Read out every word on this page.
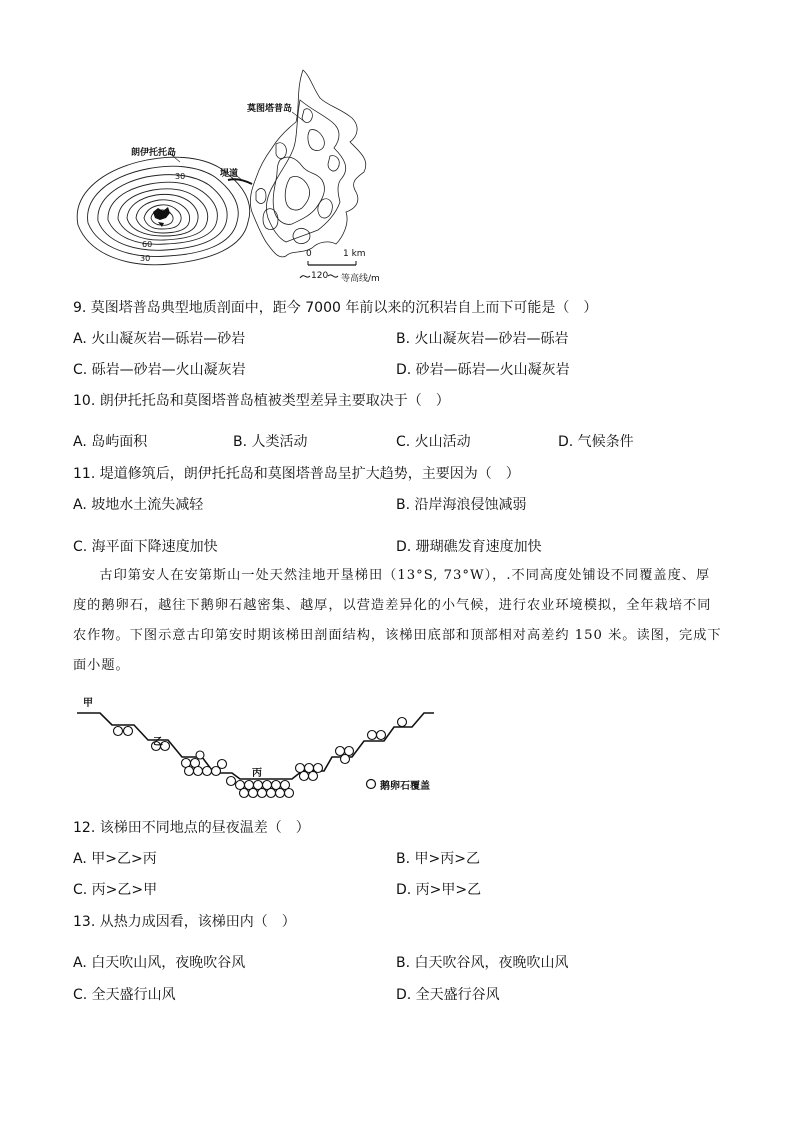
莫图塔普岛
朗伊托托岛
堤道
30
30
60
0	1 km
120 等高线/m
9. 莫图塔普岛典型地质剖面中，距今 7000 年前以来的沉积岩自上而下可能是（　）
A. 火山凝灰岩—砾岩—砂岩	B. 火山凝灰岩—砂岩—砾岩
C. 砾岩—砂岩—火山凝灰岩	D. 砂岩—砾岩—火山凝灰岩
10. 朗伊托托岛和莫图塔普岛植被类型差异主要取决于（　）
A. 岛屿面积	B. 人类活动	C. 火山活动	D. 气候条件
11. 堤道修筑后，朗伊托托岛和莫图塔普岛呈扩大趋势，主要因为（　）
A. 坡地水土流失减轻	B. 沿岸海浪侵蚀减弱
C. 海平面下降速度加快	D. 珊瑚礁发育速度加快
古印第安人在安第斯山一处天然洼地开垦梯田（13°S, 73°W），.不同高度处铺设不同覆盖度、厚度的鹅卵石，越往下鹅卵石越密集、越厚，以营造差异化的小气候，进行农业环境模拟，全年栽培不同农作物。下图示意古印第安时期该梯田剖面结构，该梯田底部和顶部相对高差约 150 米。读图，完成下面小题。
甲
乙
丙
鹅卵石覆盖
12. 该梯田不同地点的昼夜温差（　）
A. 甲>乙>丙	B. 甲>丙>乙
C. 丙>乙>甲	D. 丙>甲>乙
13. 从热力成因看，该梯田内（　）
A. 白天吹山风，夜晚吹谷风	B. 白天吹谷风，夜晚吹山风
C. 全天盛行山风	D. 全天盛行谷风
